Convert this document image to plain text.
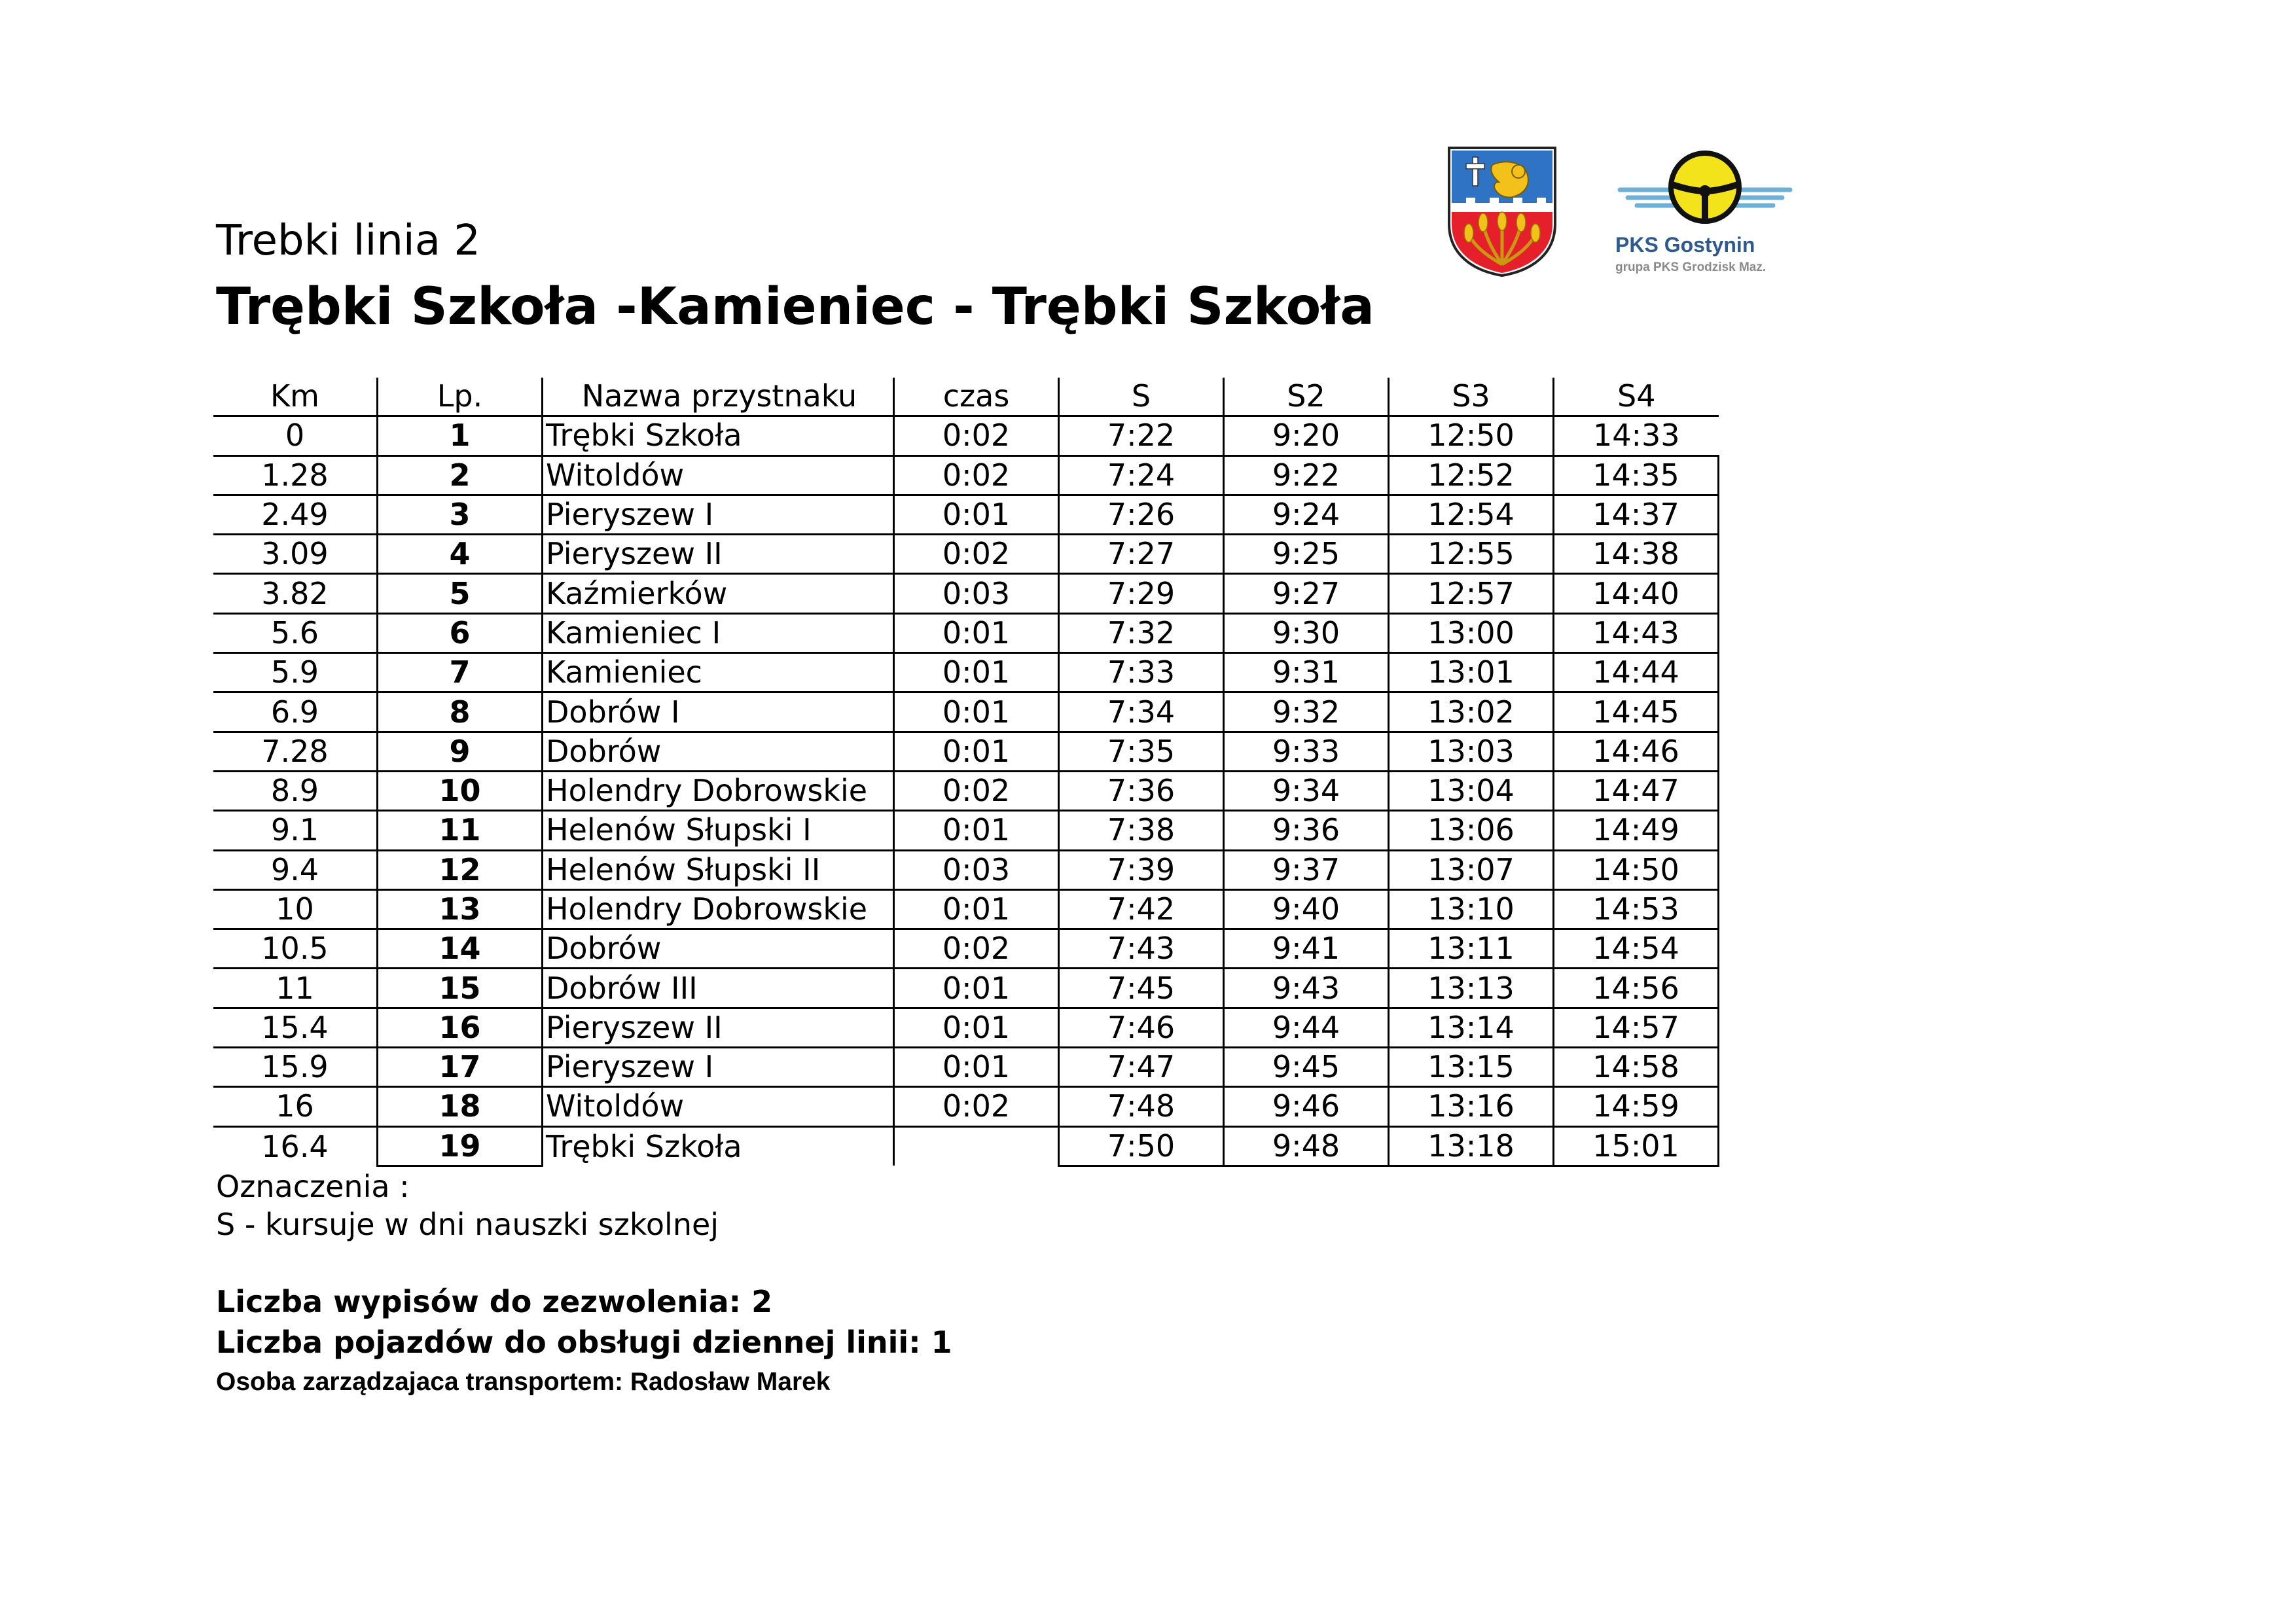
Trebki linia 2
Trębki Szkoła -Kamieniec - Trębki Szkoła
PKS Gostynin
grupa PKS Grodzisk Maz.
Km	Lp.	Nazwa przystnaku	czas	S	S2	S3	S4
0	1	Trębki Szkoła	0:02	7:22	9:20	12:50	14:33
1.28	2	Witoldów	0:02	7:24	9:22	12:52	14:35
2.49	3	Pieryszew I	0:01	7:26	9:24	12:54	14:37
3.09	4	Pieryszew II	0:02	7:27	9:25	12:55	14:38
3.82	5	Kaźmierków	0:03	7:29	9:27	12:57	14:40
5.6	6	Kamieniec I	0:01	7:32	9:30	13:00	14:43
5.9	7	Kamieniec	0:01	7:33	9:31	13:01	14:44
6.9	8	Dobrów I	0:01	7:34	9:32	13:02	14:45
7.28	9	Dobrów	0:01	7:35	9:33	13:03	14:46
8.9	10	Holendry Dobrowskie	0:02	7:36	9:34	13:04	14:47
9.1	11	Helenów Słupski I	0:01	7:38	9:36	13:06	14:49
9.4	12	Helenów Słupski II	0:03	7:39	9:37	13:07	14:50
10	13	Holendry Dobrowskie	0:01	7:42	9:40	13:10	14:53
10.5	14	Dobrów	0:02	7:43	9:41	13:11	14:54
11	15	Dobrów III	0:01	7:45	9:43	13:13	14:56
15.4	16	Pieryszew II	0:01	7:46	9:44	13:14	14:57
15.9	17	Pieryszew I	0:01	7:47	9:45	13:15	14:58
16	18	Witoldów	0:02	7:48	9:46	13:16	14:59
16.4	19	Trębki Szkoła		7:50	9:48	13:18	15:01
Oznaczenia :
S - kursuje w dni nauszki szkolnej
Liczba wypisów do zezwolenia: 2
Liczba pojazdów do obsługi dziennej linii: 1
Osoba zarządzajaca transportem: Radosław Marek
